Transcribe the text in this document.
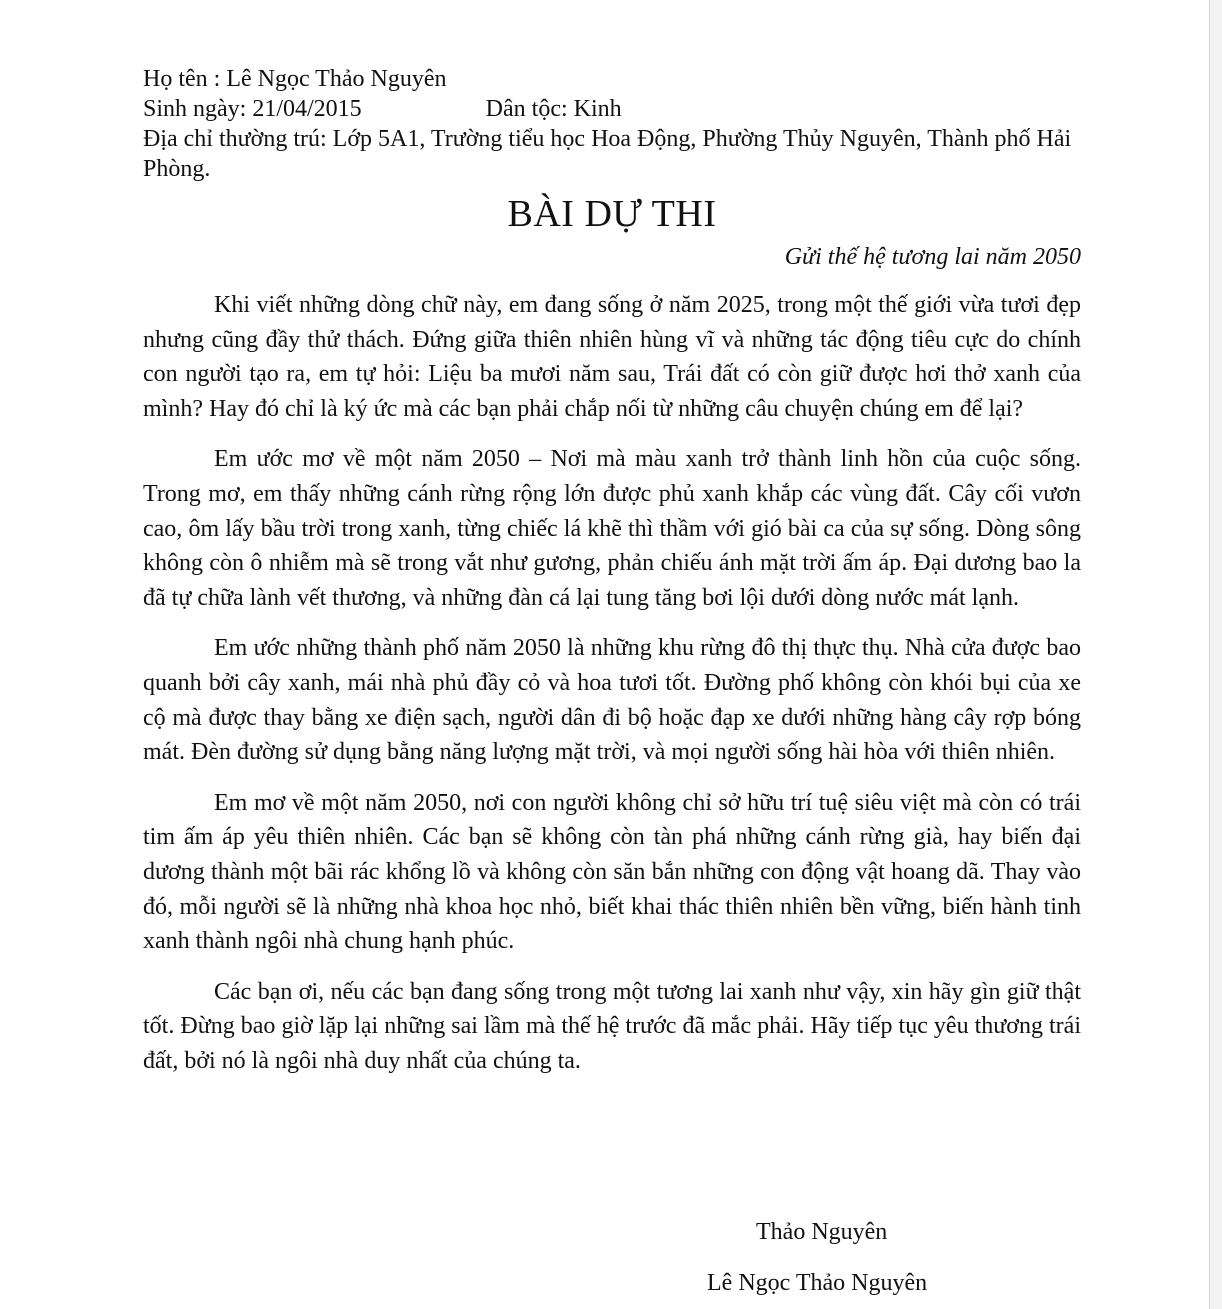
Họ tên : Lê Ngọc Thảo Nguyên

Sinh ngày: 21/04/2015	Dân tộc: Kinh

Địa chỉ thường trú: Lớp 5A1, Trường tiểu học Hoa Động, Phường Thủy Nguyên, Thành phố Hải Phòng.

BÀI DỰ THI

Gửi thế hệ tương lai năm 2050

Khi viết những dòng chữ này, em đang sống ở năm 2025, trong một thế giới vừa tươi đẹp nhưng cũng đầy thử thách. Đứng giữa thiên nhiên hùng vĩ và những tác động tiêu cực do chính con người tạo ra, em tự hỏi: Liệu ba mươi năm sau, Trái đất có còn giữ được hơi thở xanh của mình? Hay đó chỉ là ký ức mà các bạn phải chắp nối từ những câu chuyện chúng em để lại?

Em ước mơ về một năm 2050 – Nơi mà màu xanh trở thành linh hồn của cuộc sống. Trong mơ, em thấy những cánh rừng rộng lớn được phủ xanh khắp các vùng đất. Cây cối vươn cao, ôm lấy bầu trời trong xanh, từng chiếc lá khẽ thì thầm với gió bài ca của sự sống. Dòng sông không còn ô nhiễm mà sẽ trong vắt như gương, phản chiếu ánh mặt trời ấm áp. Đại dương bao la đã tự chữa lành vết thương, và những đàn cá lại tung tăng bơi lội dưới dòng nước mát lạnh.

Em ước những thành phố năm 2050 là những khu rừng đô thị thực thụ. Nhà cửa được bao quanh bởi cây xanh, mái nhà phủ đầy cỏ và hoa tươi tốt. Đường phố không còn khói bụi của xe cộ mà được thay bằng xe điện sạch, người dân đi bộ hoặc đạp xe dưới những hàng cây rợp bóng mát. Đèn đường sử dụng bằng năng lượng mặt trời, và mọi người sống hài hòa với thiên nhiên.

Em mơ về một năm 2050, nơi con người không chỉ sở hữu trí tuệ siêu việt mà còn có trái tim ấm áp yêu thiên nhiên. Các bạn sẽ không còn tàn phá những cánh rừng già, hay biến đại dương thành một bãi rác khổng lồ và không còn săn bắn những con động vật hoang dã. Thay vào đó, mỗi người sẽ là những nhà khoa học nhỏ, biết khai thác thiên nhiên bền vững, biến hành tinh xanh thành ngôi nhà chung hạnh phúc.

Các bạn ơi, nếu các bạn đang sống trong một tương lai xanh như vậy, xin hãy gìn giữ thật tốt. Đừng bao giờ lặp lại những sai lầm mà thế hệ trước đã mắc phải. Hãy tiếp tục yêu thương trái đất, bởi nó là ngôi nhà duy nhất của chúng ta.

Thảo Nguyên
Lê Ngọc Thảo Nguyên
